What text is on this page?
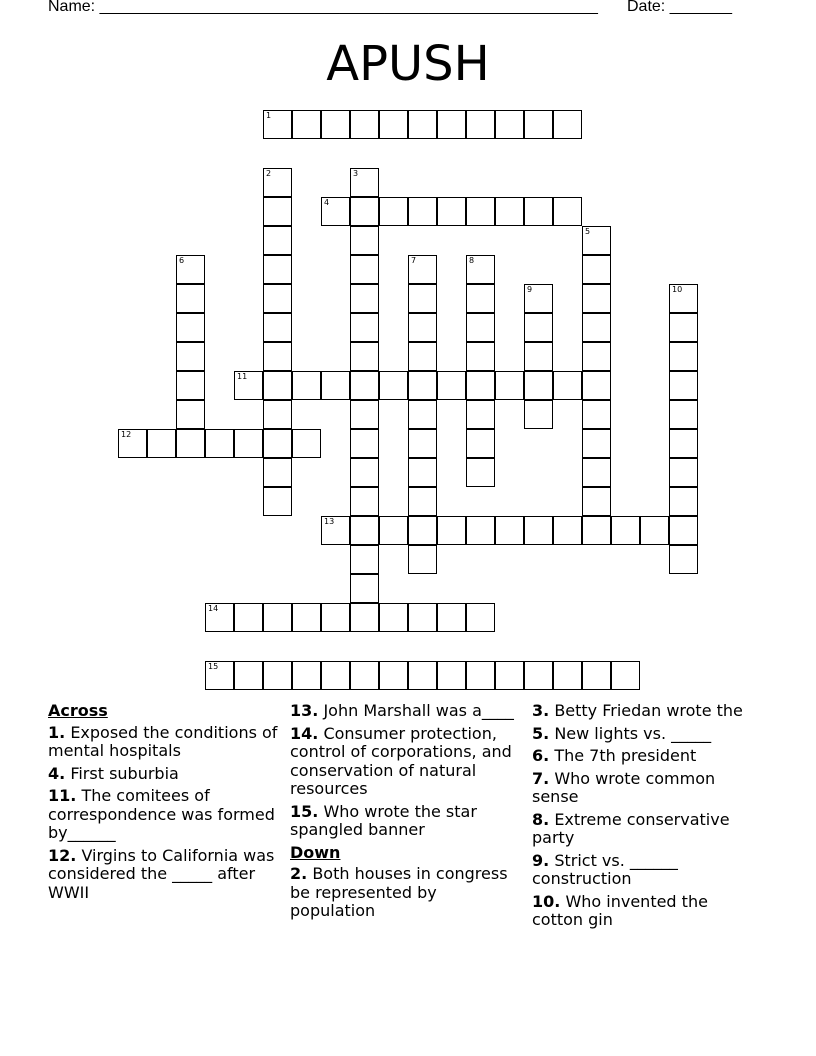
Name: ________________________________________________________ Date: _______
APUSH
1
2	3
4
5
6	7	8
9	10
11
12
13
14
15
Across
1. Exposed the conditions of mental hospitals
4. First suburbia
11. The comitees of correspondence was formed by______
12. Virgins to California was considered the _____ after WWII
13. John Marshall was a____
14. Consumer protection, control of corporations, and conservation of natural resources
15. Who wrote the star spangled banner
Down
2. Both houses in congress be represented by population
3. Betty Friedan wrote the
5. New lights vs. _____
6. The 7th president
7. Who wrote common sense
8. Extreme conservative party
9. Strict vs. ______ construction
10. Who invented the cotton gin
